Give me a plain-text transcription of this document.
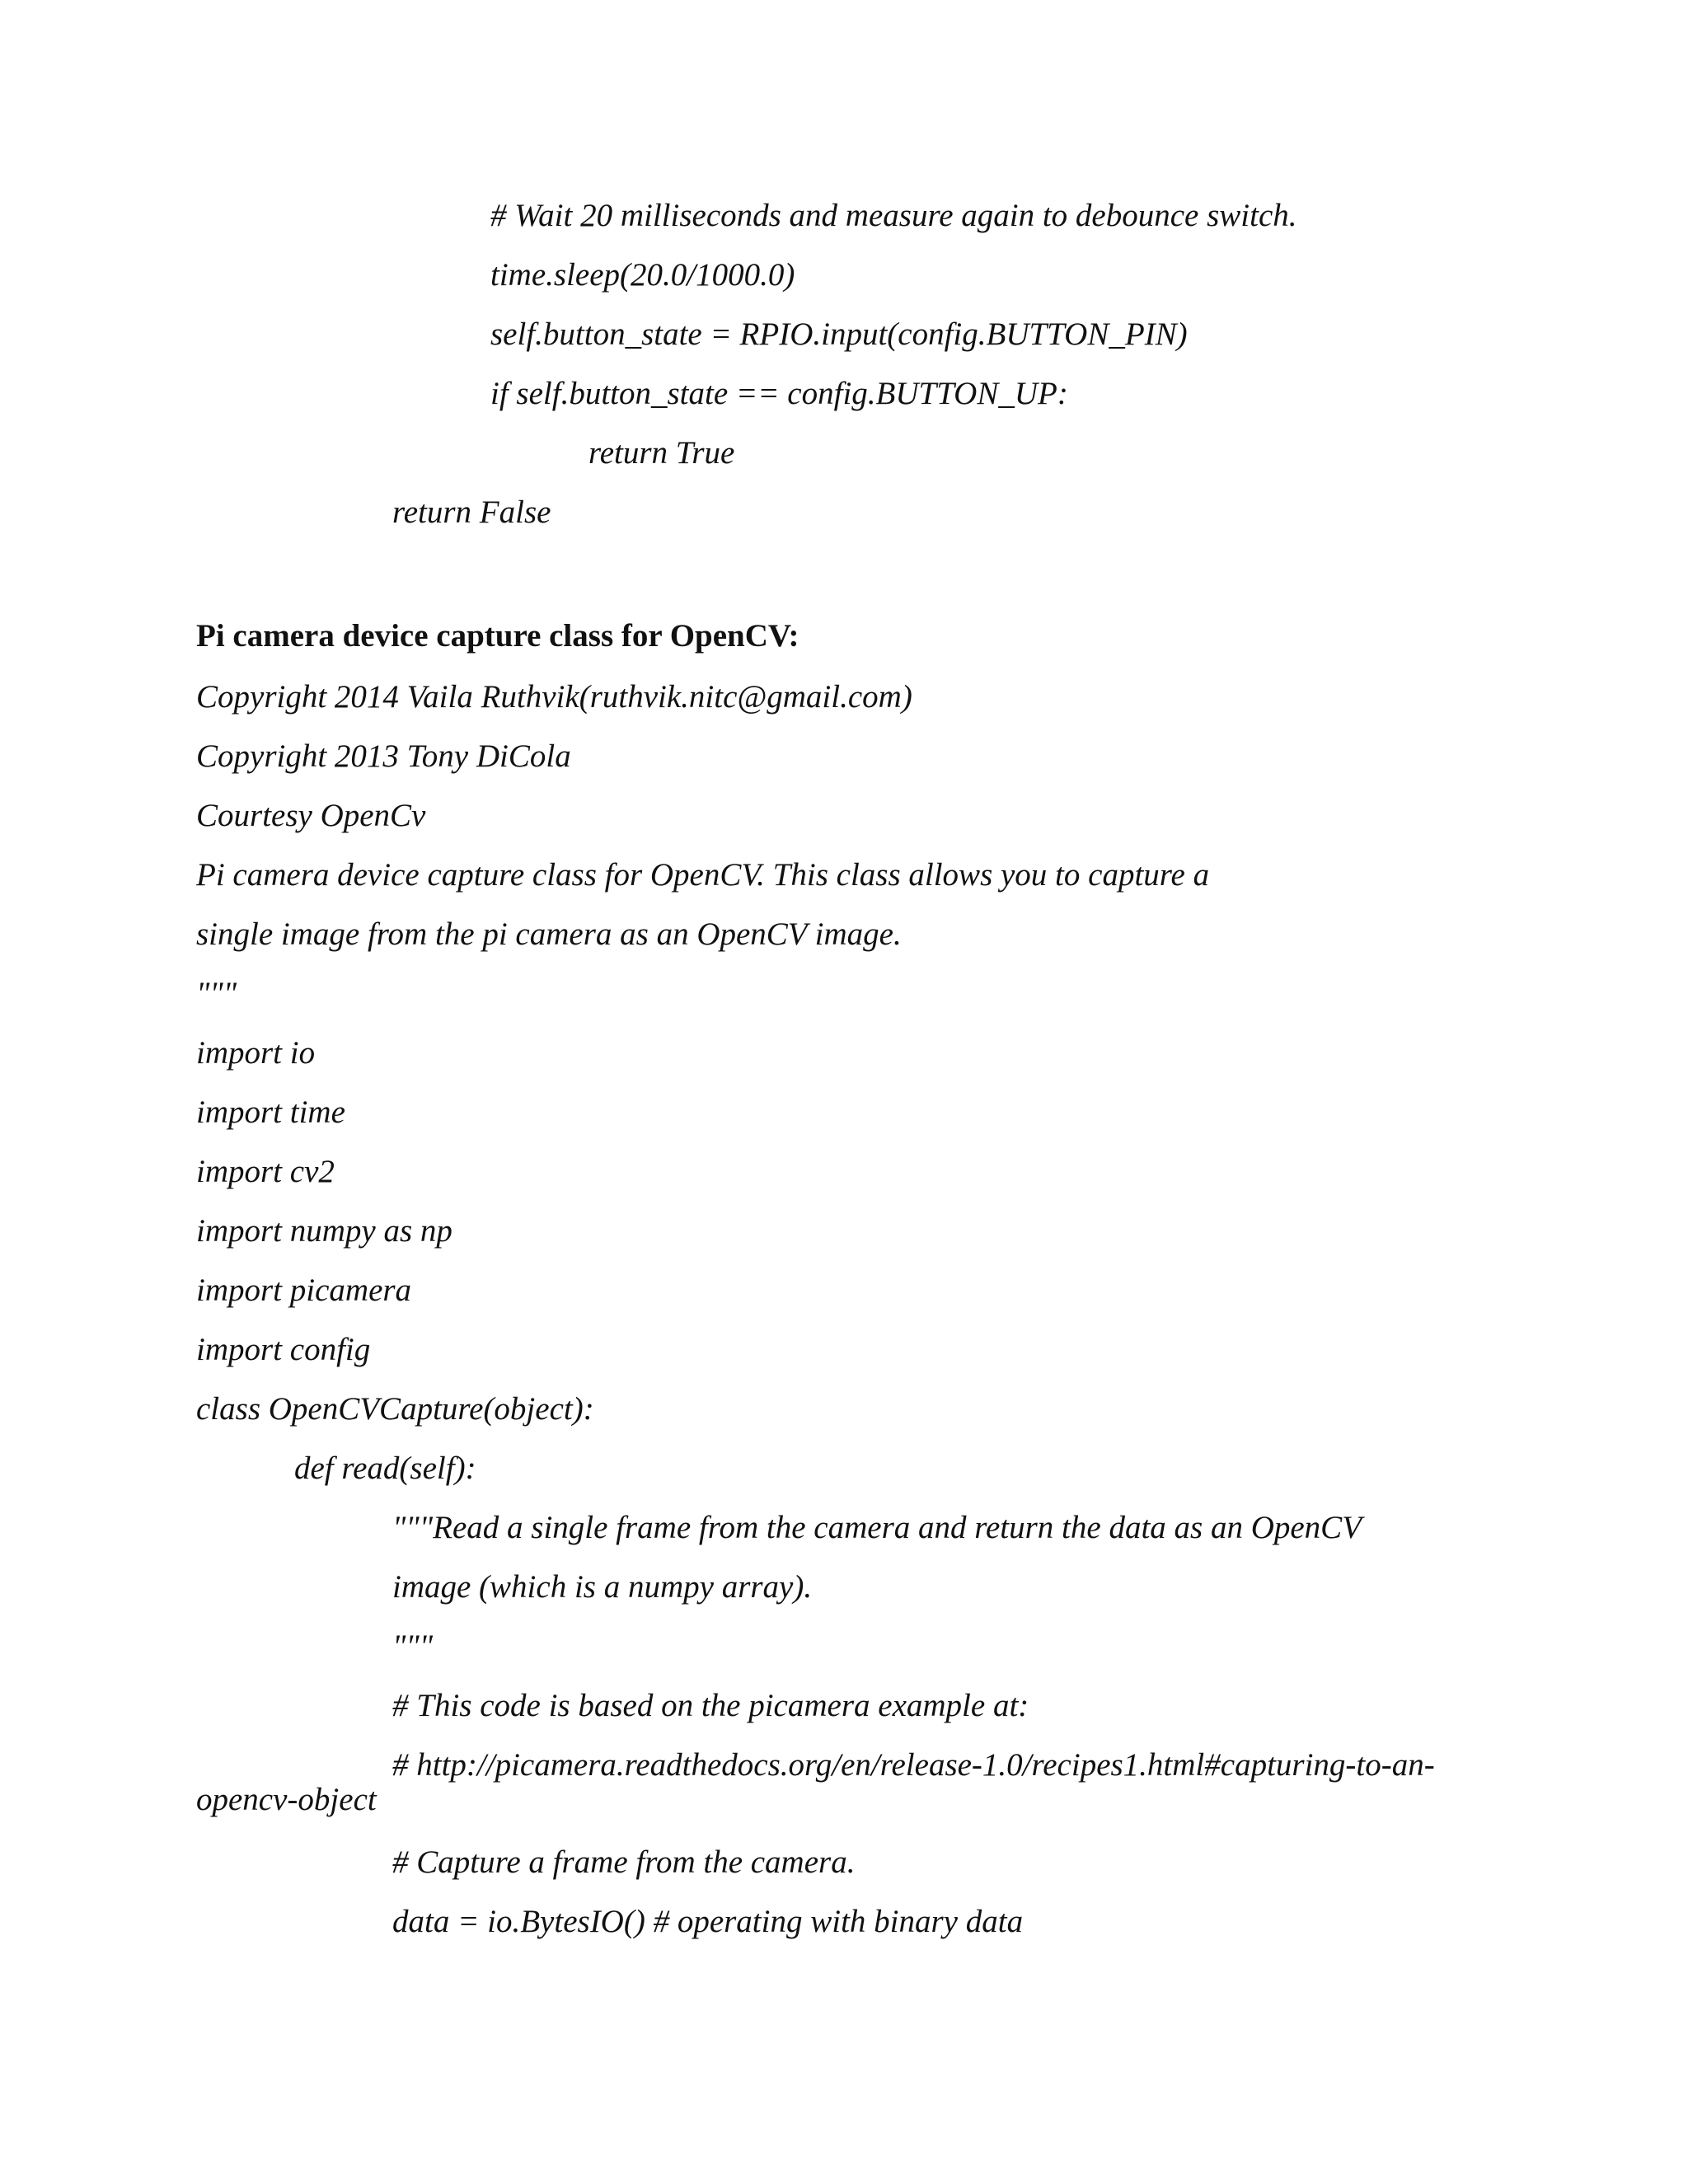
# Wait 20 milliseconds and measure again to debounce switch.
time.sleep(20.0/1000.0)
self.button_state = RPIO.input(config.BUTTON_PIN)
if self.button_state == config.BUTTON_UP:
return True
return False
Pi camera device capture class for OpenCV:
Copyright 2014 Vaila Ruthvik(ruthvik.nitc@gmail.com)
Copyright 2013 Tony DiCola
Courtesy OpenCv
Pi camera device capture class for OpenCV. This class allows you to capture a
single image from the pi camera as an OpenCV image.
"""
import io
import time
import cv2
import numpy as np
import picamera
import config
class OpenCVCapture(object):
def read(self):
"""Read a single frame from the camera and return the data as an OpenCV
image (which is a numpy array).
"""
# This code is based on the picamera example at:
# http://picamera.readthedocs.org/en/release-1.0/recipes1.html#capturing-to-an-
opencv-object
# Capture a frame from the camera.
data = io.BytesIO() # operating with binary data
